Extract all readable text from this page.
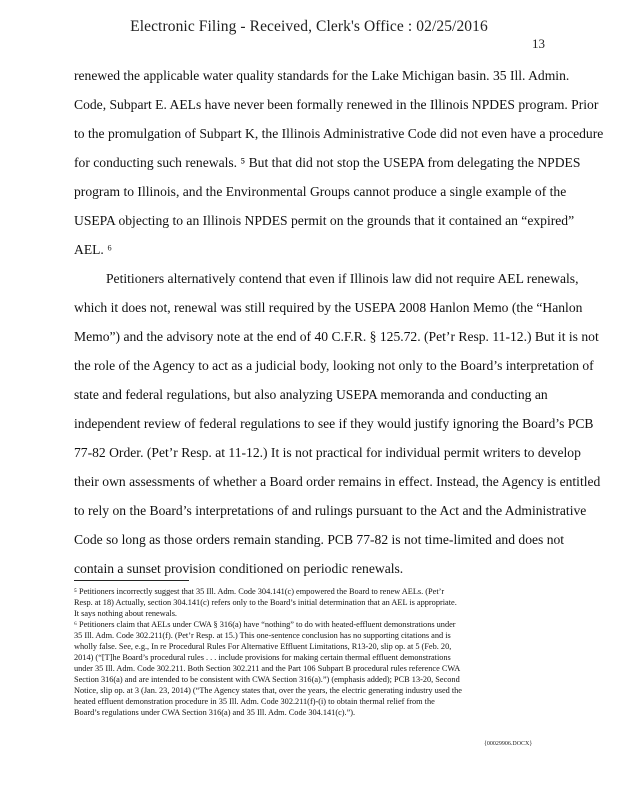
Electronic Filing - Received, Clerk's Office : 02/25/2016
13
renewed the applicable water quality standards for the Lake Michigan basin. 35 Ill. Admin.
Code, Subpart E. AELs have never been formally renewed in the Illinois NPDES program. Prior
to the promulgation of Subpart K, the Illinois Administrative Code did not even have a procedure
for conducting such renewals. ⁵ But that did not stop the USEPA from delegating the NPDES
program to Illinois, and the Environmental Groups cannot produce a single example of the
USEPA objecting to an Illinois NPDES permit on the grounds that it contained an “expired”
AEL. ⁶
Petitioners alternatively contend that even if Illinois law did not require AEL renewals,
which it does not, renewal was still required by the USEPA 2008 Hanlon Memo (the “Hanlon
Memo”) and the advisory note at the end of 40 C.F.R. § 125.72. (Pet’r Resp. 11-12.) But it is not
the role of the Agency to act as a judicial body, looking not only to the Board’s interpretation of
state and federal regulations, but also analyzing USEPA memoranda and conducting an
independent review of federal regulations to see if they would justify ignoring the Board’s PCB
77-82 Order. (Pet’r Resp. at 11-12.) It is not practical for individual permit writers to develop
their own assessments of whether a Board order remains in effect. Instead, the Agency is entitled
to rely on the Board’s interpretations of and rulings pursuant to the Act and the Administrative
Code so long as those orders remain standing. PCB 77-82 is not time-limited and does not
contain a sunset provision conditioned on periodic renewals.
⁵ Petitioners incorrectly suggest that 35 Ill. Adm. Code 304.141(c) empowered the Board to renew AELs. (Pet’r
Resp. at 18) Actually, section 304.141(c) refers only to the Board’s initial determination that an AEL is appropriate.
It says nothing about renewals.
⁶ Petitioners claim that AELs under CWA § 316(a) have “nothing” to do with heated-effluent demonstrations under
35 Ill. Adm. Code 302.211(f). (Pet’r Resp. at 15.) This one-sentence conclusion has no supporting citations and is
wholly false. See, e.g., In re Procedural Rules For Alternative Effluent Limitations, R13-20, slip op. at 5 (Feb. 20,
2014) (“[T]he Board’s procedural rules . . . include provisions for making certain thermal effluent demonstrations
under 35 Ill. Adm. Code 302.211. Both Section 302.211 and the Part 106 Subpart B procedural rules reference CWA
Section 316(a) and are intended to be consistent with CWA Section 316(a).”) (emphasis added); PCB 13-20, Second
Notice, slip op. at 3 (Jan. 23, 2014) (“The Agency states that, over the years, the electric generating industry used the
heated effluent demonstration procedure in 35 Ill. Adm. Code 302.211(f)-(i) to obtain thermal relief from the
Board’s regulations under CWA Section 316(a) and 35 Ill. Adm. Code 304.141(c).”).
{00029906.DOCX}
